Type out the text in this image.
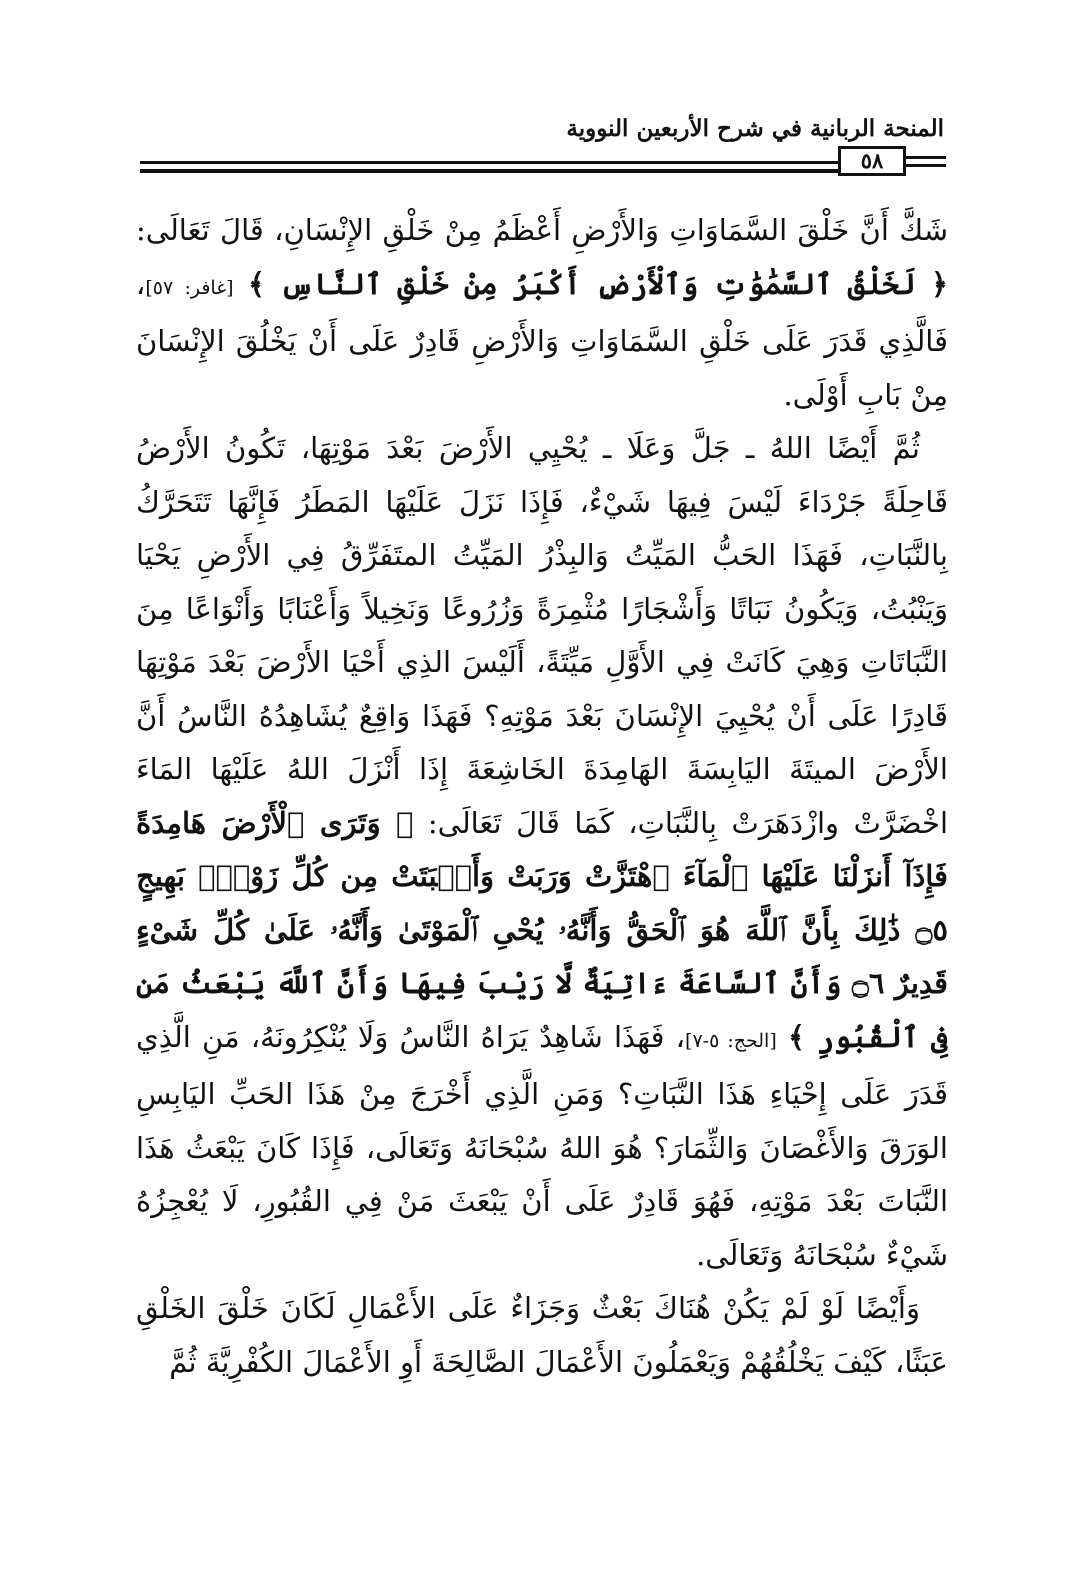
المنحة الربانية في شرح الأربعين النووية
٥٨

شَكَّ أَنَّ خَلْقَ السَّمَاوَاتِ وَالأَرْضِ أَعْظَمُ مِنْ خَلْقِ الإِنْسَانِ، قَالَ تَعَالَى: ﴿ لَخَلْقُ ٱلسَّمَٰوَٰتِ وَٱلْأَرْضِ أَكْبَرُ مِنْ خَلْقِ ٱلنَّاسِ ﴾ [غافر: ٥٧]، فَالَّذِي قَدَرَ عَلَى خَلْقِ السَّمَاوَاتِ وَالأَرْضِ قَادِرٌ عَلَى أَنْ يَخْلُقَ الإِنْسَانَ مِنْ بَابِ أَوْلَى.

ثُمَّ أَيْضًا اللهُ ـ جَلَّ وَعَلَا ـ يُحْيِي الأَرْضَ بَعْدَ مَوْتِهَا، تَكُونُ الأَرْضُ قَاحِلَةً جَرْدَاءَ لَيْسَ فِيهَا شَيْءٌ، فَإِذَا نَزَلَ عَلَيْهَا المَطَرُ فَإِنَّهَا تَتَحَرَّكُ بِالنَّبَاتِ، فَهَذَا الحَبُّ المَيِّتُ وَالبِذْرُ المَيِّتُ المتَفَرِّقُ فِي الأَرْضِ يَحْيَا وَيَنْبُتُ، وَيَكُونُ نَبَاتًا وَأَشْجَارًا مُثْمِرَةً وَزُرُوعًا وَنَخِيلاً وَأَعْنَابًا وَأَنْوَاعًا مِنَ النَّبَاتَاتِ وَهِيَ كَانَتْ فِي الأَوَّلِ مَيِّتَةً، أَلَيْسَ الذِي أَحْيَا الأَرْضَ بَعْدَ مَوْتِهَا قَادِرًا عَلَى أَنْ يُحْيِيَ الإِنْسَانَ بَعْدَ مَوْتِهِ؟ فَهَذَا وَاقِعٌ يُشَاهِدُهُ النَّاسُ أَنَّ الأَرْضَ الميتَةَ اليَابِسَةَ الهَامِدَةَ الخَاشِعَةَ إِذَا أَنْزَلَ اللهُ عَلَيْهَا المَاءَ اخْضَرَّتْ وازْدَهَرَتْ بِالنَّبَاتِ، كَمَا قَالَ تَعَالَى: ﴿ وَتَرَى ٱلْأَرْضَ هَامِدَةً فَإِذَآ أَنزَلْنَا عَلَيْهَا ٱلْمَآءَ ٱهْتَزَّتْ وَرَبَتْ وَأَنۢبَتَتْ مِن كُلِّ زَوْجٍۭ بَهِيجٍ ۝٥ ذَٰلِكَ بِأَنَّ ٱللَّهَ هُوَ ٱلْحَقُّ وَأَنَّهُۥ يُحْىِ ٱلْمَوْتَىٰ وَأَنَّهُۥ عَلَىٰ كُلِّ شَىْءٍ قَدِيرٌ ۝٦ وَأَنَّ ٱلسَّاعَةَ ءَاتِيَةٌ لَّا رَيْبَ فِيهَا وَأَنَّ ٱللَّهَ يَبْعَثُ مَن فِى ٱلْقُبُورِ ﴾ [الحج: ٥-٧]، فَهَذَا شَاهِدٌ يَرَاهُ النَّاسُ وَلَا يُنْكِرُونَهُ، مَنِ الَّذِي قَدَرَ عَلَى إِحْيَاءِ هَذَا النَّبَاتِ؟ وَمَنِ الَّذِي أَخْرَجَ مِنْ هَذَا الحَبِّ اليَابِسِ الوَرَقَ وَالأَغْصَانَ وَالثِّمَارَ؟ هُوَ اللهُ سُبْحَانَهُ وَتَعَالَى، فَإِذَا كَانَ يَبْعَثُ هَذَا النَّبَاتَ بَعْدَ مَوْتِهِ، فَهُوَ قَادِرٌ عَلَى أَنْ يَبْعَثَ مَنْ فِي القُبُورِ، لَا يُعْجِزُهُ شَيْءٌ سُبْحَانَهُ وَتَعَالَى.

وَأَيْضًا لَوْ لَمْ يَكُنْ هُنَاكَ بَعْثٌ وَجَزَاءٌ عَلَى الأَعْمَالِ لَكَانَ خَلْقَ الخَلْقِ عَبَثًا، كَيْفَ يَخْلُقُهُمْ وَيَعْمَلُونَ الأَعْمَالَ الصَّالِحَةَ أَوِ الأَعْمَالَ الكُفْرِيَّةَ ثُمَّ
